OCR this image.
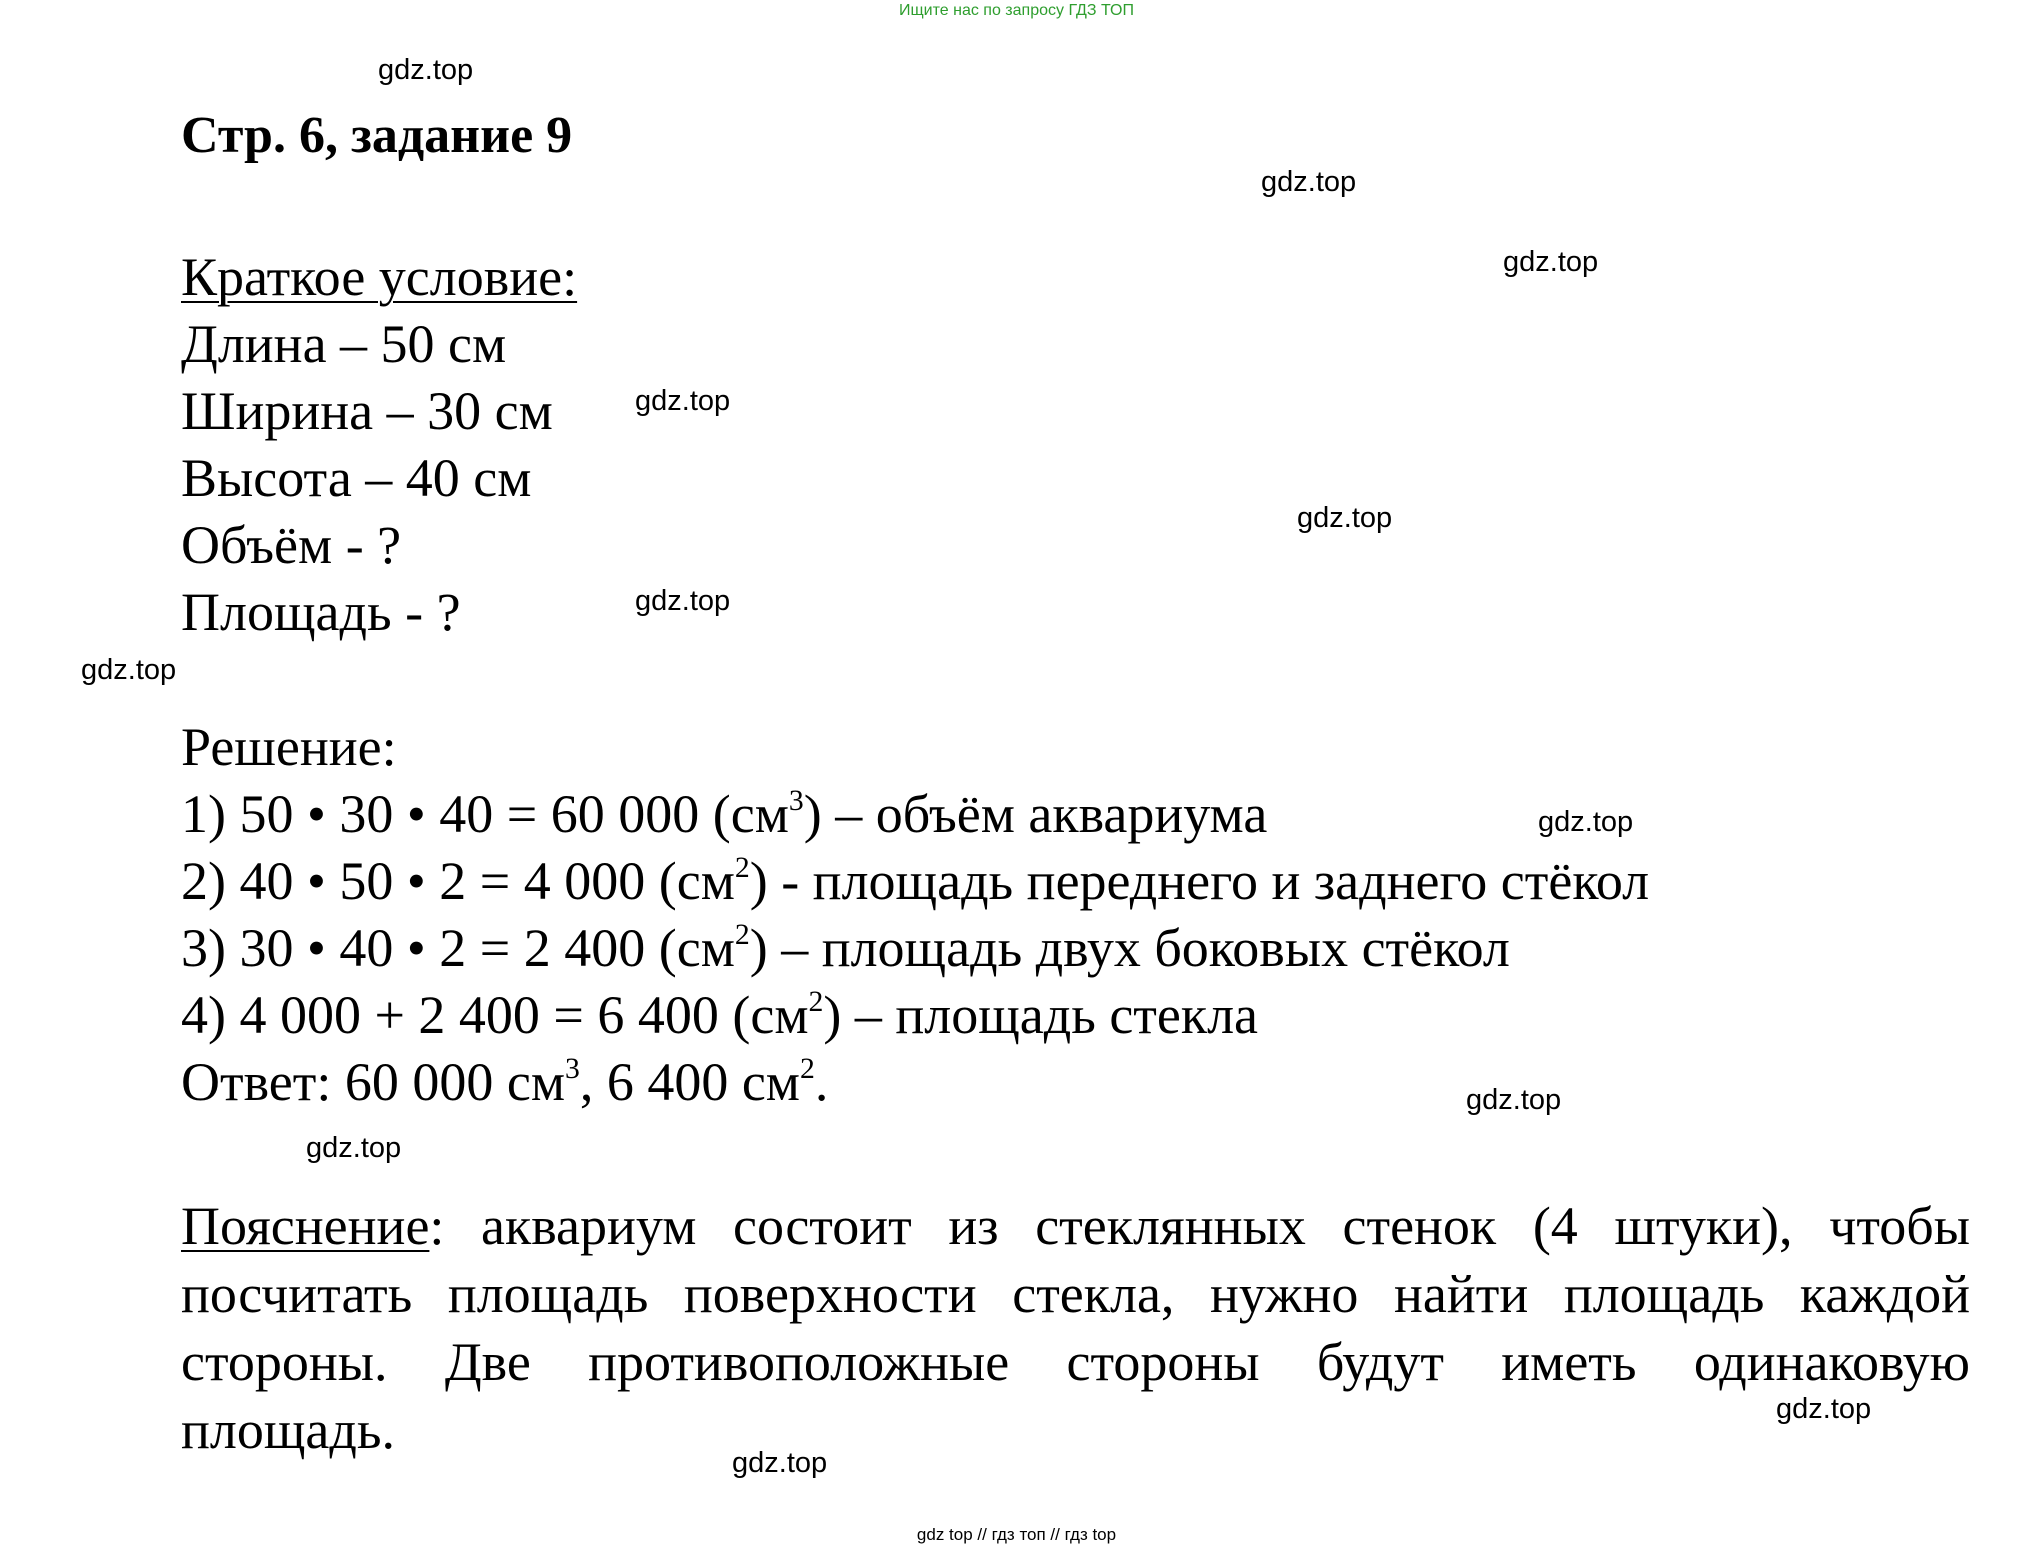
Ищите нас по запросу ГДЗ ТОП
gdz.top
gdz.top
gdz.top
gdz.top
gdz.top
gdz.top
gdz.top
gdz.top
gdz.top
gdz.top
gdz.top
gdz.top
Стр. 6, задание 9
Краткое условие:
Длина – 50 см
Ширина – 30 см
Высота – 40 см
Объём - ?
Площадь - ?
Решение:
1) 50 • 30 • 40 = 60 000 $(см^3)$ – объём аквариума
2) 40 • 50 • 2 = 4 000 $(см^2)$ - площадь переднего и заднего стёкол
3) 30 • 40 • 2 = 2 400 $(см^2)$ – площадь двух боковых стёкол
4) 4 000 + 2 400 = 6 400 $(см^2)$ – площадь стекла
Ответ: 60 000 $см^3$, 6 400 $см^2$.
Пояснение: аквариум состоит из стеклянных стенок (4 штуки), чтобы
посчитать площадь поверхности стекла, нужно найти площадь каждой
стороны. Две противоположные стороны будут иметь одинаковую
площадь.
gdz top // гдз топ // гдз top
